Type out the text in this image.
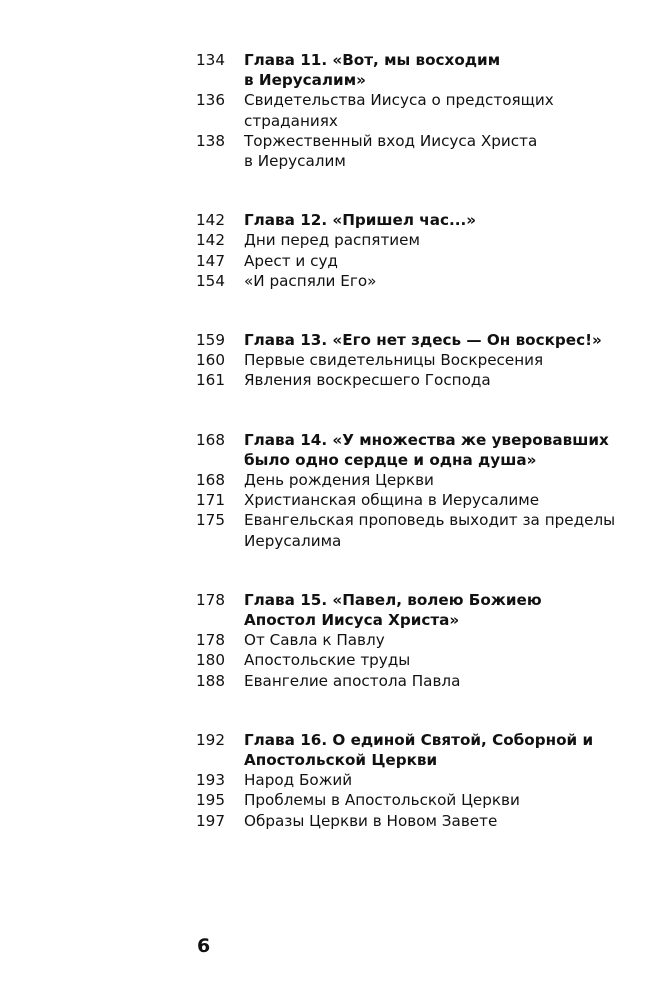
134	Глава 11. «Вот, мы восходим
в Иерусалим»
136	Свидетельства Иисуса о предстоящих
страданиях
138	Торжественный вход Иисуса Христа
в Иерусалим
142	Глава 12. «Пришел час...»
142	Дни перед распятием
147	Арест и суд
154	«И распяли Его»
159	Глава 13. «Его нет здесь — Он воскрес!»
160	Первые свидетельницы Воскресения
161	Явления воскресшего Господа
168	Глава 14. «У множества же уверовавших
было одно сердце и одна душа»
168	День рождения Церкви
171	Христианская община в Иерусалиме
175	Евангельская проповедь выходит за пределы
Иерусалима
178	Глава 15. «Павел, волею Божиею
Апостол Иисуса Христа»
178	От Савла к Павлу
180	Апостольские труды
188	Евангелие апостола Павла
192	Глава 16. О единой Святой, Соборной и
Апостольской Церкви
193	Народ Божий
195	Проблемы в Апостольской Церкви
197	Образы Церкви в Новом Завете
6
